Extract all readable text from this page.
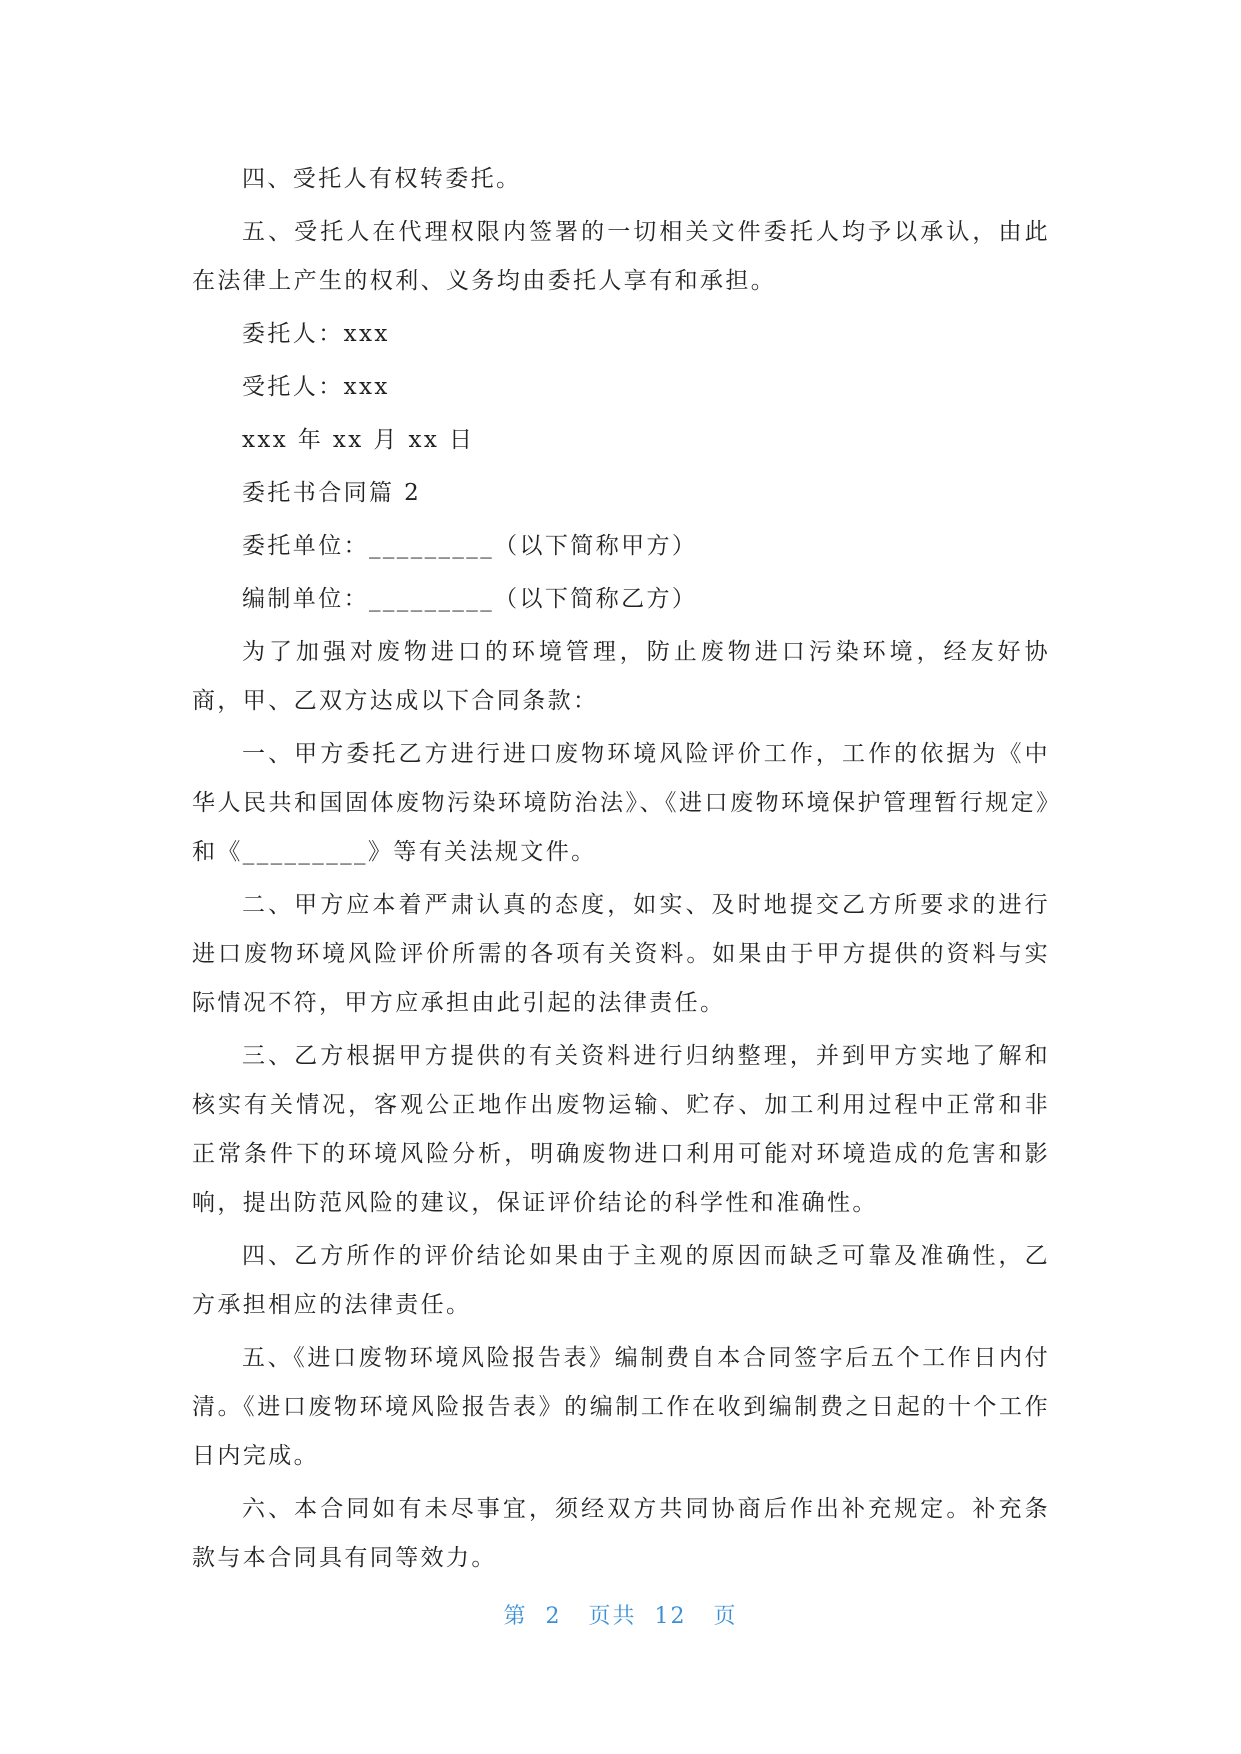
四、受托人有权转委托。

五、受托人在代理权限内签署的一切相关文件委托人均予以承认，由此在法律上产生的权利、义务均由委托人享有和承担。

委托人：xxx

受托人：xxx

xxx 年 xx 月 xx 日

委托书合同篇 2

委托单位：_________（以下简称甲方）

编制单位：_________（以下简称乙方）

为了加强对废物进口的环境管理，防止废物进口污染环境，经友好协商，甲、乙双方达成以下合同条款：

一、甲方委托乙方进行进口废物环境风险评价工作，工作的依据为《中华人民共和国固体废物污染环境防治法》、《进口废物环境保护管理暂行规定》和《_________》等有关法规文件。

二、甲方应本着严肃认真的态度，如实、及时地提交乙方所要求的进行进口废物环境风险评价所需的各项有关资料。如果由于甲方提供的资料与实际情况不符，甲方应承担由此引起的法律责任。

三、乙方根据甲方提供的有关资料进行归纳整理，并到甲方实地了解和核实有关情况，客观公正地作出废物运输、贮存、加工利用过程中正常和非正常条件下的环境风险分析，明确废物进口利用可能对环境造成的危害和影响，提出防范风险的建议，保证评价结论的科学性和准确性。

四、乙方所作的评价结论如果由于主观的原因而缺乏可靠及准确性，乙方承担相应的法律责任。

五、《进口废物环境风险报告表》编制费自本合同签字后五个工作日内付清。《进口废物环境风险报告表》的编制工作在收到编制费之日起的十个工作日内完成。

六、本合同如有未尽事宜，须经双方共同协商后作出补充规定。补充条款与本合同具有同等效力。

第  2   页共  12   页
